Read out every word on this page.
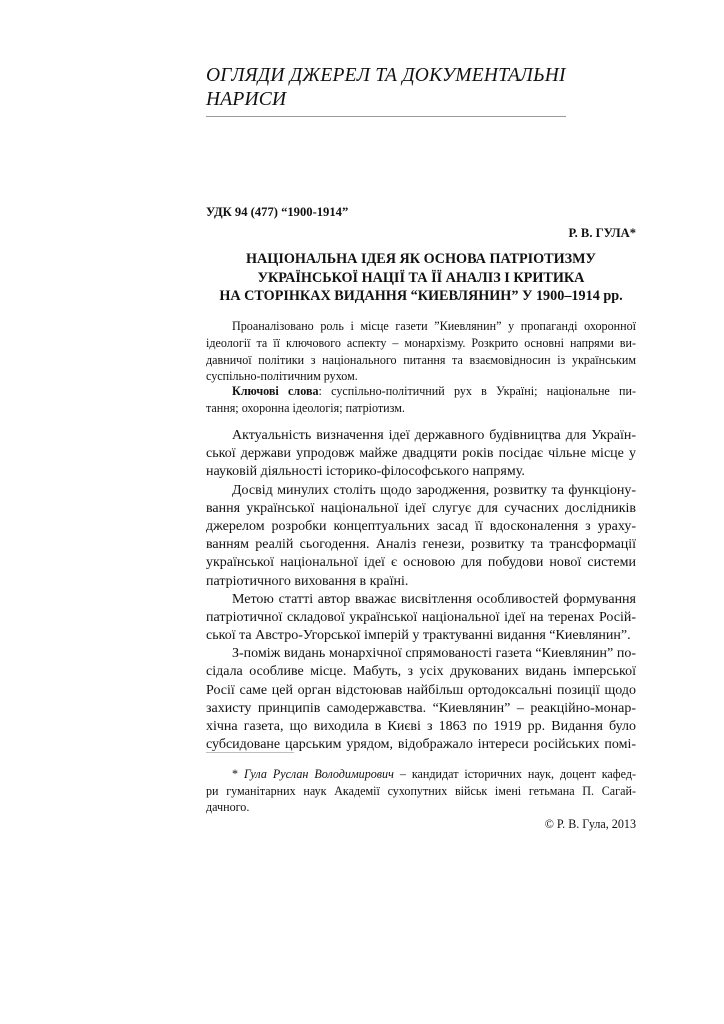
ОГЛЯДИ ДЖЕРЕЛ ТА ДОКУМЕНТАЛЬНІ
НАРИСИ
УДК 94 (477) “1900-1914”
Р. В. ГУЛА*
НАЦІОНАЛЬНА ІДЕЯ ЯК ОСНОВА ПАТРІОТИЗМУ
УКРАЇНСЬКОЇ НАЦІЇ ТА ЇЇ АНАЛІЗ І КРИТИКА
НА СТОРІНКАХ ВИДАННЯ “КИЕВЛЯНИН” У 1900–1914 рр.
Проаналізовано роль і місце газети ”Киевлянин” у пропаганді охоронної
ідеології та її ключового аспекту – монархізму. Розкрито основні напрями ви-
давничої політики з національного питання та взаємовідносин із українським
суспільно-політичним рухом.
Ключові слова: суспільно-політичний рух в Україні; національне пи-
тання; охоронна ідеологія; патріотизм.
Актуальність визначення ідеї державного будівництва для Україн-
ської держави упродовж майже двадцяти років посідає чільне місце у
науковій діяльності історико-філософського напряму.
Досвід минулих століть щодо зародження, розвитку та функціону-
вання української національної ідеї слугує для сучасних дослідників
джерелом розробки концептуальних засад її вдосконалення з ураху-
ванням реалій сьогодення. Аналіз генези, розвитку та трансформації
української національної ідеї є основою для побудови нової системи
патріотичного виховання в країні.
Метою статті автор вважає висвітлення особливостей формування
патріотичної складової української національної ідеї на теренах Росій-
ської та Австро-Угорської імперій у трактуванні видання “Киевлянин”.
З-поміж видань монархічної спрямованості газета “Киевлянин” по-
сідала особливе місце. Мабуть, з усіх друкованих видань імперської
Росії саме цей орган відстоював найбільш ортодоксальні позиції щодо
захисту принципів самодержавства. “Киевлянин” – реакційно-монар-
хічна газета, що виходила в Києві з 1863 по 1919 рр. Видання було
субсидоване царським урядом, відображало інтереси російських помі-
* Гула Руслан Володимирович – кандидат історичних наук, доцент кафед-
ри гуманітарних наук Академії сухопутних військ імені гетьмана П. Сагай-
дачного.
© Р. В. Гула, 2013
